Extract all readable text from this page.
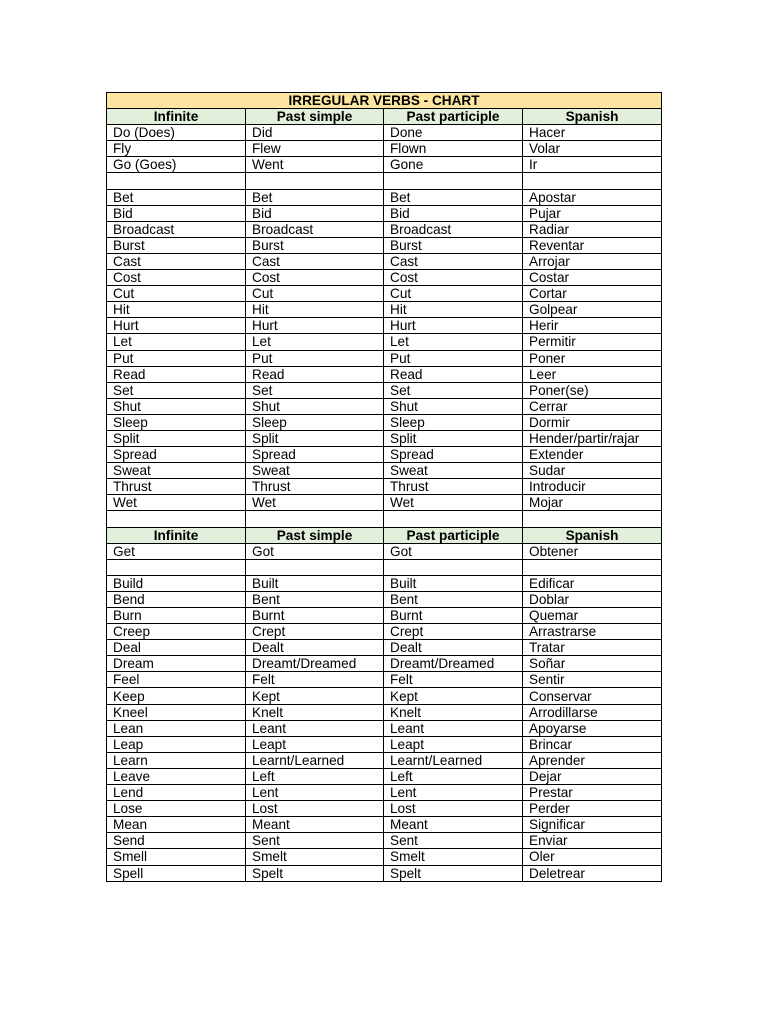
IRREGULAR VERBS - CHART			
Infinite	Past simple	Past participle	Spanish
Do (Does)	Did	Done	Hacer
Fly	Flew	Flown	Volar
Go (Goes)	Went	Gone	Ir

Bet	Bet	Bet	Apostar
Bid	Bid	Bid	Pujar
Broadcast	Broadcast	Broadcast	Radiar
Burst	Burst	Burst	Reventar
Cast	Cast	Cast	Arrojar
Cost	Cost	Cost	Costar
Cut	Cut	Cut	Cortar
Hit	Hit	Hit	Golpear
Hurt	Hurt	Hurt	Herir
Let	Let	Let	Permitir
Put	Put	Put	Poner
Read	Read	Read	Leer
Set	Set	Set	Poner(se)
Shut	Shut	Shut	Cerrar
Sleep	Sleep	Sleep	Dormir
Split	Split	Split	Hender/partir/rajar
Spread	Spread	Spread	Extender
Sweat	Sweat	Sweat	Sudar
Thrust	Thrust	Thrust	Introducir
Wet	Wet	Wet	Mojar

Infinite	Past simple	Past participle	Spanish
Get	Got	Got	Obtener

Build	Built	Built	Edificar
Bend	Bent	Bent	Doblar
Burn	Burnt	Burnt	Quemar
Creep	Crept	Crept	Arrastrarse
Deal	Dealt	Dealt	Tratar
Dream	Dreamt/Dreamed	Dreamt/Dreamed	Soñar
Feel	Felt	Felt	Sentir
Keep	Kept	Kept	Conservar
Kneel	Knelt	Knelt	Arrodillarse
Lean	Leant	Leant	Apoyarse
Leap	Leapt	Leapt	Brincar
Learn	Learnt/Learned	Learnt/Learned	Aprender
Leave	Left	Left	Dejar
Lend	Lent	Lent	Prestar
Lose	Lost	Lost	Perder
Mean	Meant	Meant	Significar
Send	Sent	Sent	Enviar
Smell	Smelt	Smelt	Oler
Spell	Spelt	Spelt	Deletrear
